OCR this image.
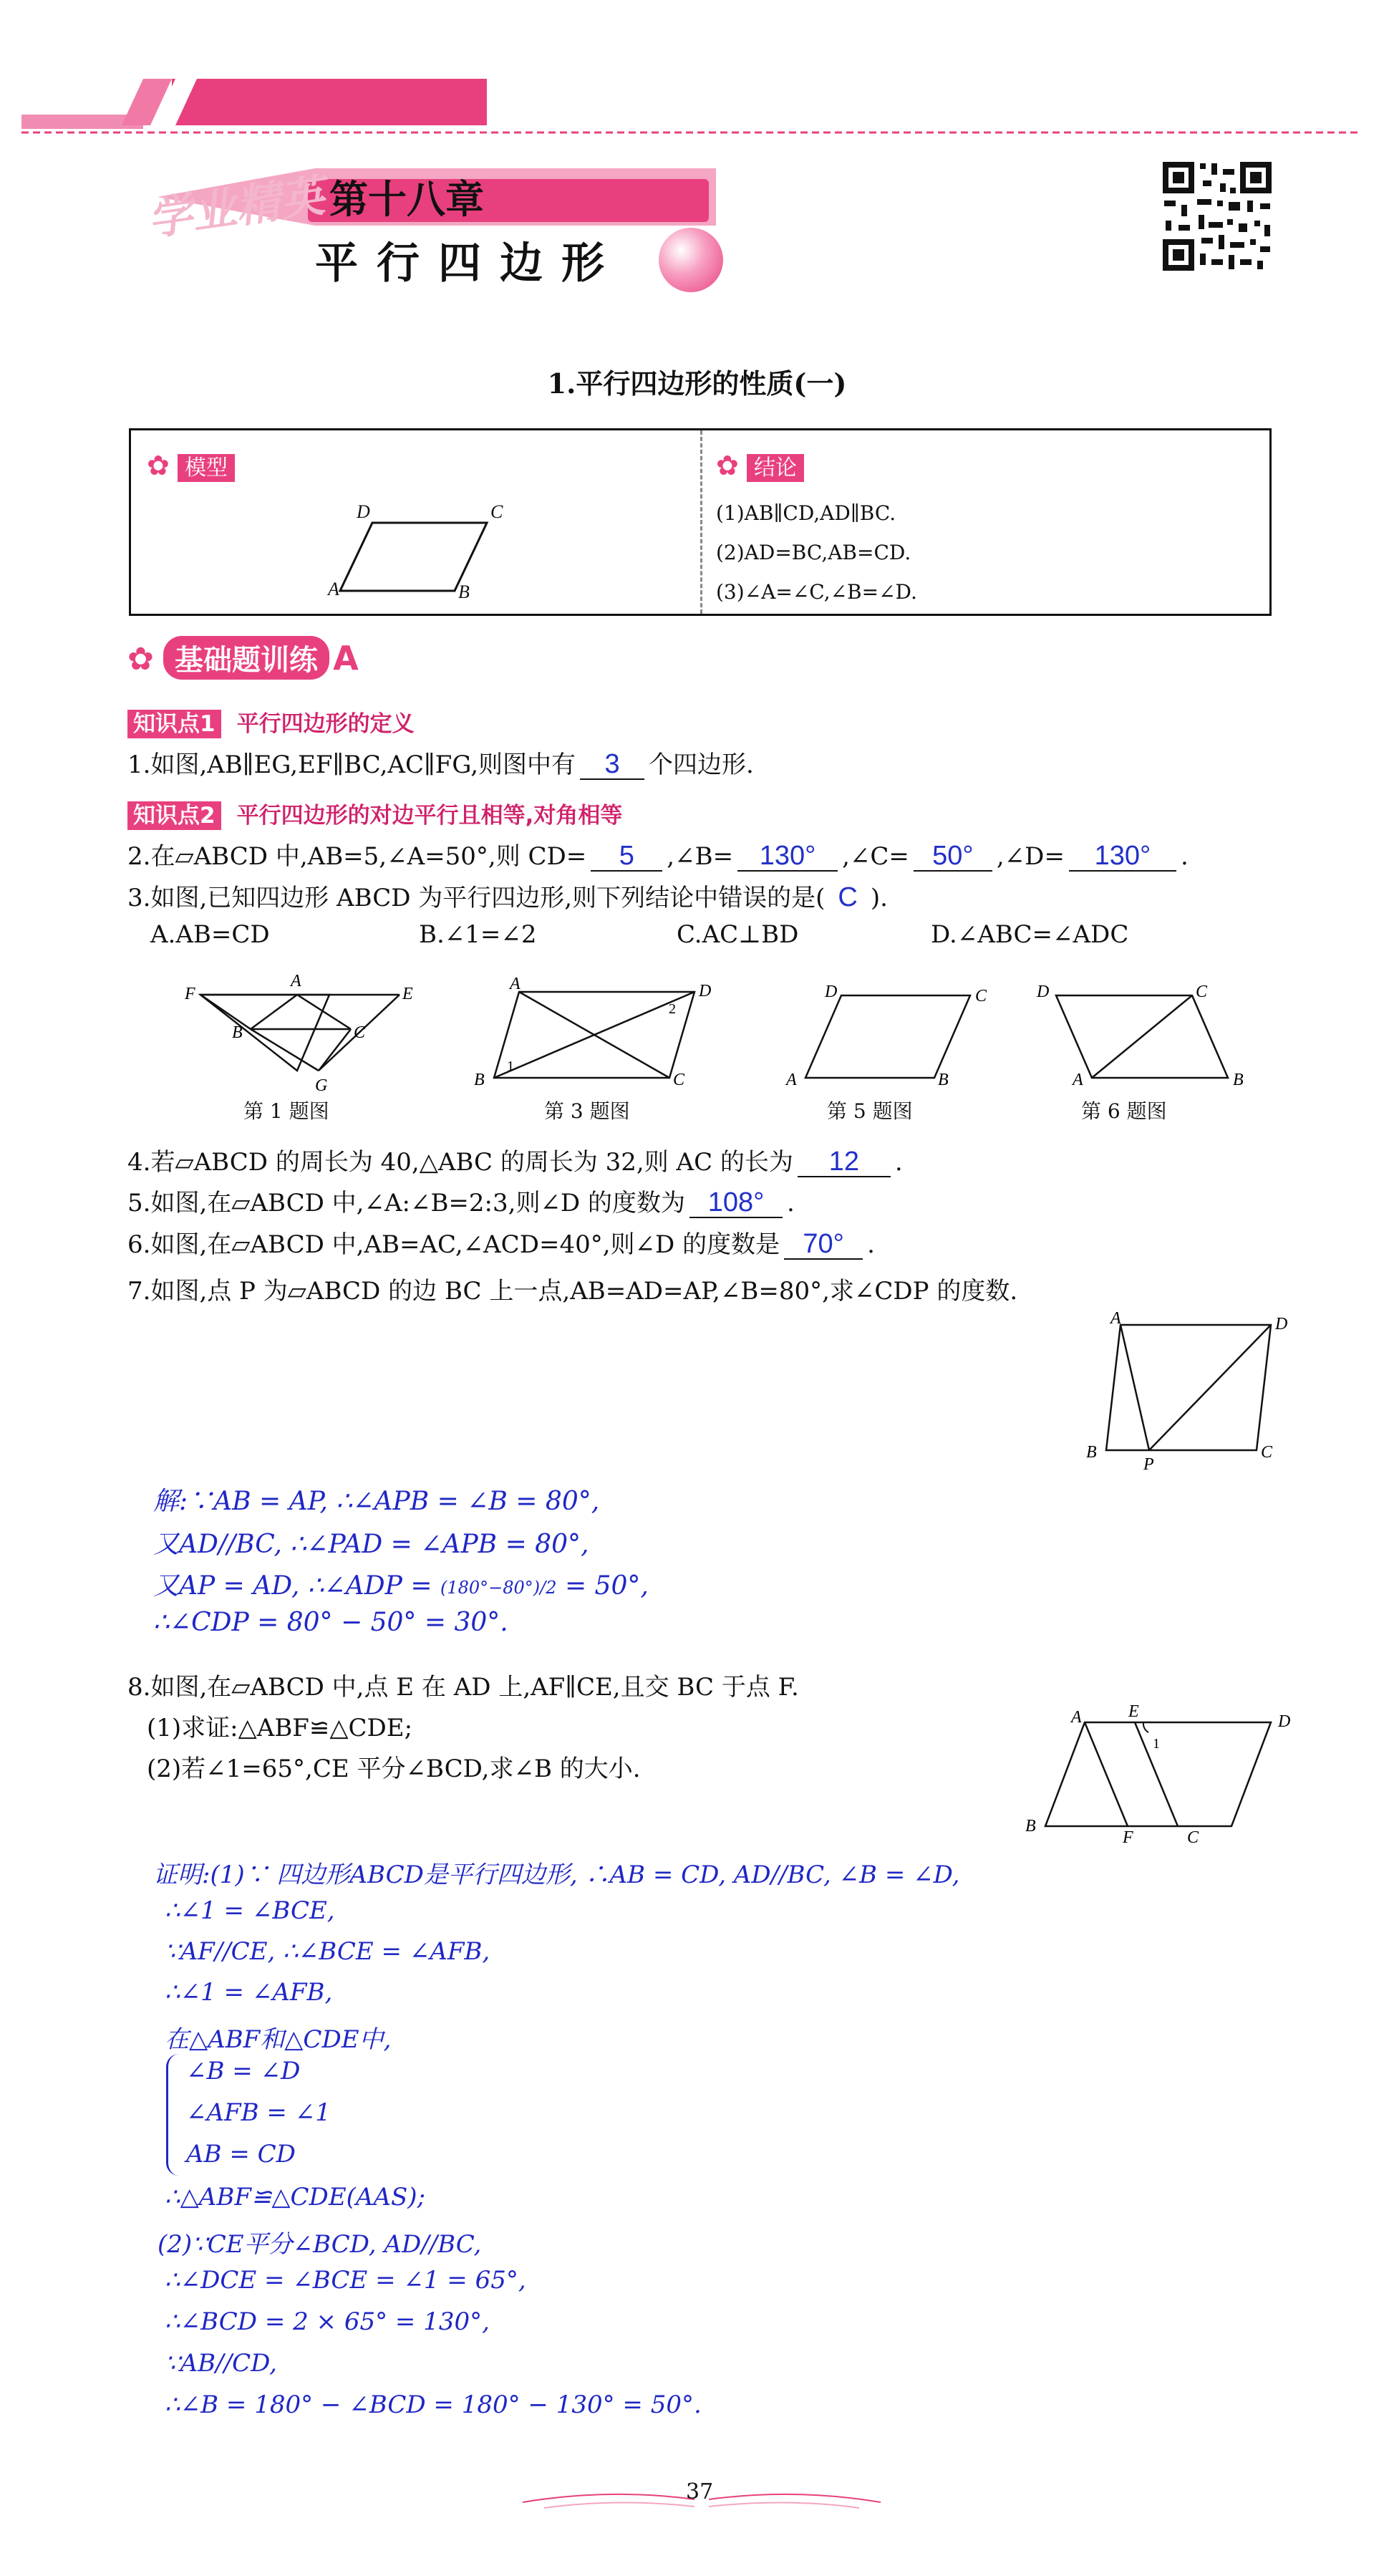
学业精英 第十八章
平行四边形
1.平行四边形的性质(一)
✿ 模型
D	C
A	B
✿ 结论
(1)AB∥CD,AD∥BC.
(2)AD=BC,AB=CD.
(3)∠A=∠C,∠B=∠D.
✿ 基础题训练 A
知识点1 平行四边形的定义
1.如图,AB∥EG,EF∥BC,AC∥FG,则图中有 3 个四边形.
知识点2 平行四边形的对边平行且相等,对角相等
2.在▱ABCD 中,AB=5,∠A=50°,则 CD= 5 ,∠B= 130° ,∠C= 50° ,∠D= 130° .
3.如图,已知四边形 ABCD 为平行四边形,则下列结论中错误的是( C ).
A.AB=CD	B.∠1=∠2	C.AC⊥BD	D.∠ABC=∠ADC
F
A
E
B	C
G
第 1 题图
A	D
B	C
1
2
第 3 题图
D	C
A	B
第 5 题图
D	C
A	B
第 6 题图
4.若▱ABCD 的周长为 40,△ABC 的周长为 32,则 AC 的长为 12 .
5.如图,在▱ABCD 中,∠A:∠B=2:3,则∠D 的度数为 108° .
6.如图,在▱ABCD 中,AB=AC,∠ACD=40°,则∠D 的度数是 70° .
7.如图,点 P 为▱ABCD 的边 BC 上一点,AB=AD=AP,∠B=80°,求∠CDP 的度数.
A	D
B
P
C
解:∵AB = AP, ∴∠APB = ∠B = 80°,
又AD//BC, ∴∠PAD = ∠APB = 80°,
又AP = AD, ∴∠ADP = (180°−80°)/2 = 50°,
∴∠CDP = 80° − 50° = 30°.
8.如图,在▱ABCD 中,点 E 在 AD 上,AF∥CE,且交 BC 于点 F.
(1)求证:△ABF≌△CDE;
(2)若∠1=65°,CE 平分∠BCD,求∠B 的大小.
A	E
D
1
B
F	C
证明:(1)∵ 四边形ABCD是平行四边形, ∴AB = CD, AD//BC, ∠B = ∠D,
∴∠1 = ∠BCE,
∵AF//CE, ∴∠BCE = ∠AFB,
∴∠1 = ∠AFB,
在△ABF和△CDE中,
∠B = ∠D
∠AFB = ∠1
AB = CD
∴△ABF≌△CDE(AAS);
(2)∵CE平分∠BCD, AD//BC,
∴∠DCE = ∠BCE = ∠1 = 65°,
∴∠BCD = 2 × 65° = 130°,
∵AB//CD,
∴∠B = 180° − ∠BCD = 180° − 130° = 50°.
37
